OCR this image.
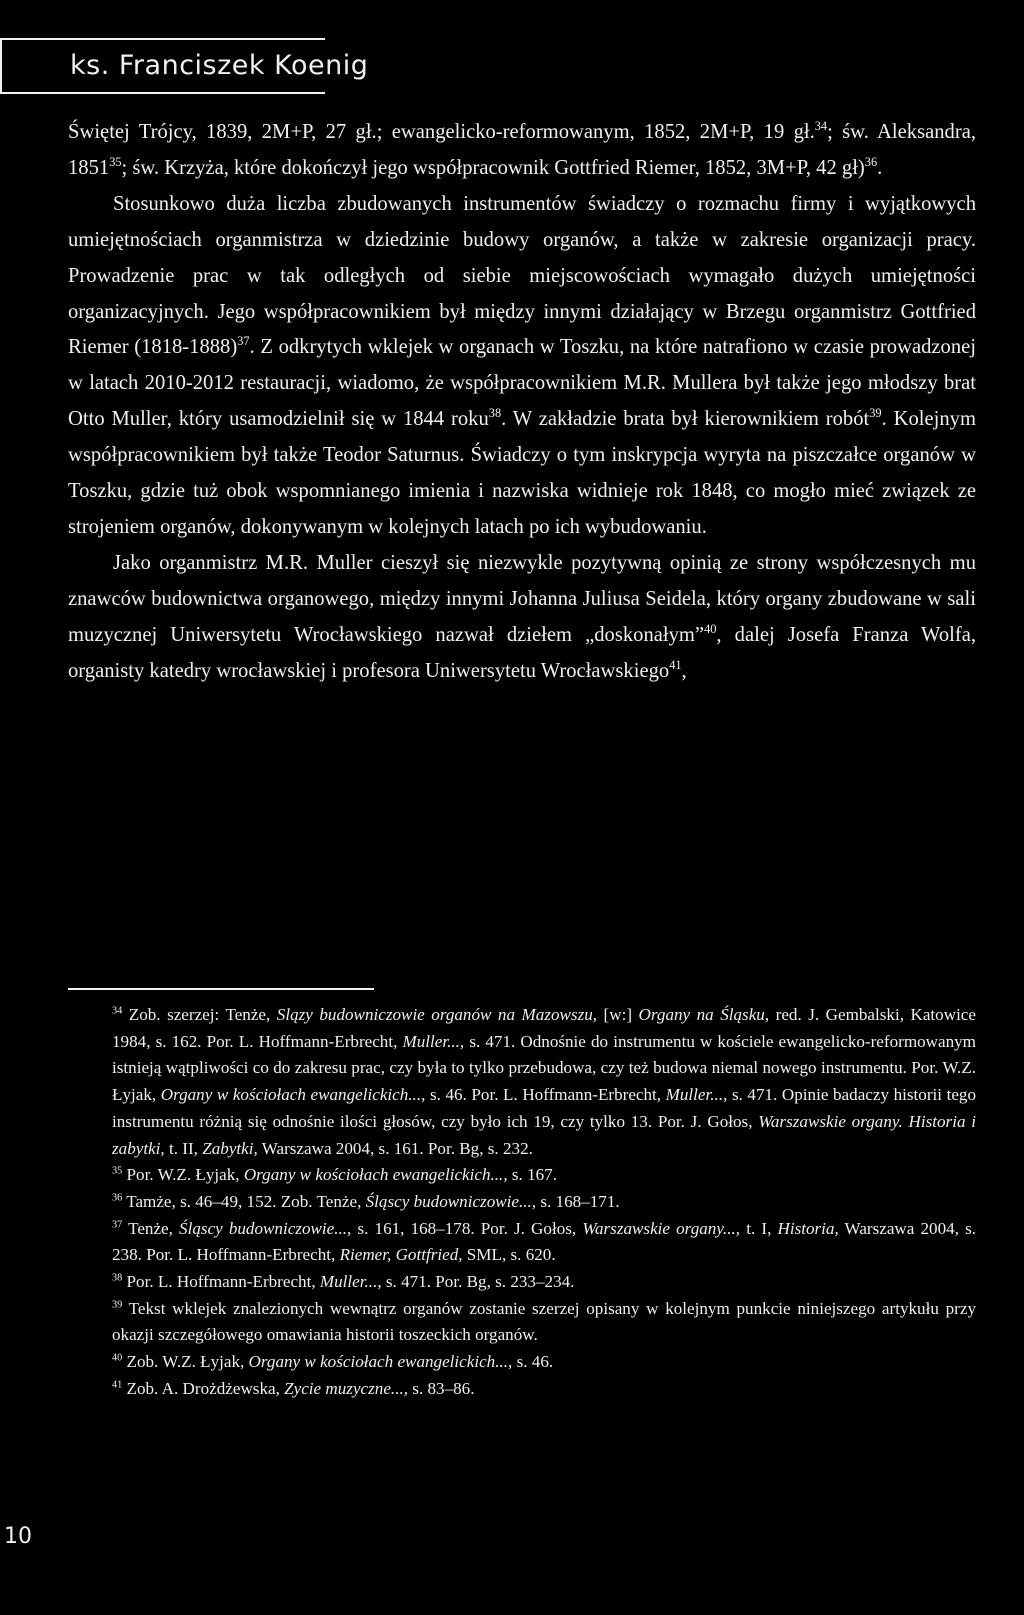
ks. Franciszek Koenig

Świętej Trójcy, 1839, 2M+P, 27 gł.; ewangelicko-reformowanym, 1852, 2M+P, 19 gł.$^{34}$; św. Aleksandra, 1851$^{35}$; św. Krzyża, które dokończył jego współpracownik Gottfried Riemer, 1852, 3M+P, 42 gł)$^{36}$.

Stosunkowo duża liczba zbudowanych instrumentów świadczy o rozmachu firmy i wyjątkowych umiejętnościach organmistrza w dziedzinie budowy organów, a także w zakresie organizacji pracy. Prowadzenie prac w tak odległych od siebie miejscowościach wymagało dużych umiejętności organizacyjnych. Jego współpracownikiem był między innymi działający w Brzegu organmistrz Gottfried Riemer (1818-1888)$^{37}$. Z odkrytych wklejek w organach w Toszku, na które natrafiono w czasie prowadzonej w latach 2010-2012 restauracji, wiadomo, że współpracownikiem M.R. Mullera był także jego młodszy brat Otto Muller, który usamodzielnił się w 1844 roku$^{38}$. W zakładzie brata był kierownikiem robót$^{39}$. Kolejnym współpracownikiem był także Teodor Saturnus. Świadczy o tym inskrypcja wyryta na piszczałce organów w Toszku, gdzie tuż obok wspomnianego imienia i nazwiska widnieje rok 1848, co mogło mieć związek ze strojeniem organów, dokonywanym w kolejnych latach po ich wybudowaniu.

Jako organmistrz M.R. Muller cieszył się niezwykle pozytywną opinią ze strony współczesnych mu znawców budownictwa organowego, między innymi Johanna Juliusa Seidela, który organy zbudowane w sali muzycznej Uniwersytetu Wrocławskiego nazwał dziełem „doskonałym”$^{40}$, dalej Josefa Franza Wolfa, organisty katedry wrocławskiej i profesora Uniwersytetu Wrocławskiego$^{41}$,

$^{34}$ Zob. szerzej: Tenże, Slązy budowniczowie organów na Mazowszu, [w:] Organy na Śląsku, red. J. Gembalski, Katowice 1984, s. 162. Por. L. Hoffmann-Erbrecht, Muller..., s. 471. Odnośnie do instrumentu w kościele ewangelicko-reformowanym istnieją wątpliwości co do zakresu prac, czy była to tylko przebudowa, czy też budowa niemal nowego instrumentu. Por. W.Z. Łyjak, Organy w kościołach ewangelickich..., s. 46. Por. L. Hoffmann-Erbrecht, Muller..., s. 471. Opinie badaczy historii tego instrumentu różnią się odnośnie ilości głosów, czy było ich 19, czy tylko 13. Por. J. Gołos, Warszawskie organy. Historia i zabytki, t. II, Zabytki, Warszawa 2004, s. 161. Por. Bg, s. 232.

$^{35}$ Por. W.Z. Łyjak, Organy w kościołach ewangelickich..., s. 167.

$^{36}$ Tamże, s. 46–49, 152. Zob. Tenże, Śląscy budowniczowie..., s. 168–171.

$^{37}$ Tenże, Śląscy budowniczowie..., s. 161, 168–178. Por. J. Gołos, Warszawskie organy..., t. I, Historia, Warszawa 2004, s. 238. Por. L. Hoffmann-Erbrecht, Riemer, Gottfried, SML, s. 620.

$^{38}$ Por. L. Hoffmann-Erbrecht, Muller..., s. 471. Por. Bg, s. 233–234.

$^{39}$ Tekst wklejek znalezionych wewnątrz organów zostanie szerzej opisany w kolejnym punkcie niniejszego artykułu przy okazji szczegółowego omawiania historii toszeckich organów.

$^{40}$ Zob. W.Z. Łyjak, Organy w kościołach ewangelickich..., s. 46.

$^{41}$ Zob. A. Drożdżewska, Zycie muzyczne..., s. 83–86.

10
